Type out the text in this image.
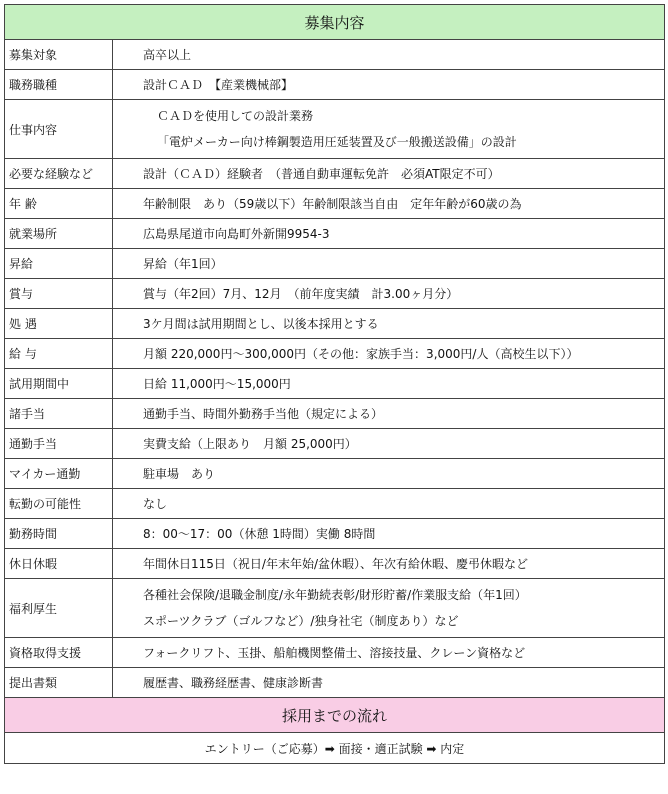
募集内容	
募集対象	高卒以上
職務職種	設計ＣＡＤ　【産業機械部】
仕事内容	ＣＡＤを使用しての設計業務
「電炉メーカー向け棒鋼製造用圧延装置及び一般搬送設備」の設計

必要な経験など	設計（ＣＡＤ）経験者　（普通自動車運転免許　必須AT限定不可）
年 齢	年齢制限　あり（59歳以下）年齢制限該当自由　定年年齢が60歳の為
就業場所	広島県尾道市向島町外新開9954-3
昇給	昇給（年1回）
賞与	賞与（年2回）7月、12月　（前年度実績　計3.00ヶ月分）
処 遇	3ケ月間は試用期間とし、以後本採用とする
給 与	月額 220,000円～300,000円（その他：家族手当：3,000円/人（高校生以下））
試用期間中	日給 11,000円～15,000円
諸手当	通勤手当、時間外勤務手当他（規定による）
通勤手当	実費支給（上限あり　月額 25,000円）
マイカー通勤	駐車場　あり
転勤の可能性	なし
勤務時間	8：00～17：00（休憩 1時間）実働 8時間
休日休暇	年間休日115日（祝日/年末年始/盆休暇）、年次有給休暇、慶弔休暇など
福利厚生	各種社会保険/退職金制度/永年勤続表彰/財形貯蓄/作業服支給（年1回）
スポーツクラブ（ゴルフなど）/独身社宅（制度あり）など

資格取得支援	フォークリフト、玉掛、船舶機関整備士、溶接技量、クレーン資格など
提出書類	履歴書、職務経歴書、健康診断書
採用までの流れ	
エントリー（ご応募）➡ 面接・適正試験 ➡ 内定	
